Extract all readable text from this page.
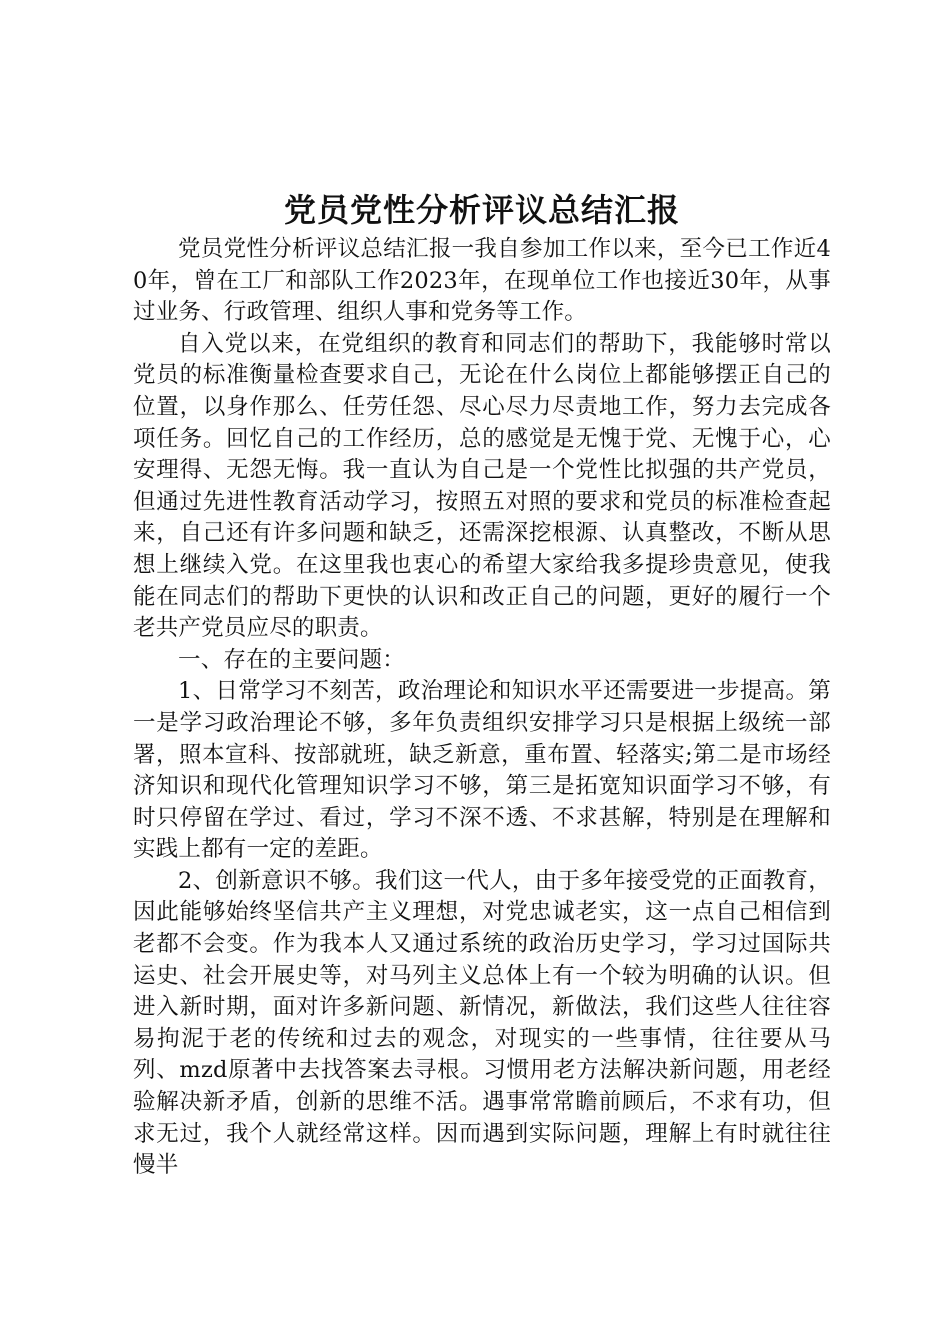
党员党性分析评议总结汇报

党员党性分析评议总结汇报一我自参加工作以来，至今已工作近40年，曾在工厂和部队工作2023年，在现单位工作也接近30年，从事过业务、行政管理、组织人事和党务等工作。

自入党以来，在党组织的教育和同志们的帮助下，我能够时常以党员的标准衡量检查要求自己，无论在什么岗位上都能够摆正自己的位置，以身作那么、任劳任怨、尽心尽力尽责地工作，努力去完成各项任务。回忆自己的工作经历，总的感觉是无愧于党、无愧于心，心安理得、无怨无悔。我一直认为自己是一个党性比拟强的共产党员，但通过先进性教育活动学习，按照五对照的要求和党员的标准检查起来，自己还有许多问题和缺乏，还需深挖根源、认真整改，不断从思想上继续入党。在这里我也衷心的希望大家给我多提珍贵意见，使我能在同志们的帮助下更快的认识和改正自己的问题，更好的履行一个老共产党员应尽的职责。

一、存在的主要问题：

1、日常学习不刻苦，政治理论和知识水平还需要进一步提高。第一是学习政治理论不够，多年负责组织安排学习只是根据上级统一部署，照本宣科、按部就班，缺乏新意，重布置、轻落实;第二是市场经济知识和现代化管理知识学习不够，第三是拓宽知识面学习不够，有时只停留在学过、看过，学习不深不透、不求甚解，特别是在理解和实践上都有一定的差距。

2、创新意识不够。我们这一代人，由于多年接受党的正面教育，因此能够始终坚信共产主义理想，对党忠诚老实，这一点自己相信到老都不会变。作为我本人又通过系统的政治历史学习，学习过国际共运史、社会开展史等，对马列主义总体上有一个较为明确的认识。但进入新时期，面对许多新问题、新情况，新做法，我们这些人往往容易拘泥于老的传统和过去的观念，对现实的一些事情，往往要从马列、mzd原著中去找答案去寻根。习惯用老方法解决新问题，用老经验解决新矛盾，创新的思维不活。遇事常常瞻前顾后，不求有功，但求无过，我个人就经常这样。因而遇到实际问题，理解上有时就往往慢半
